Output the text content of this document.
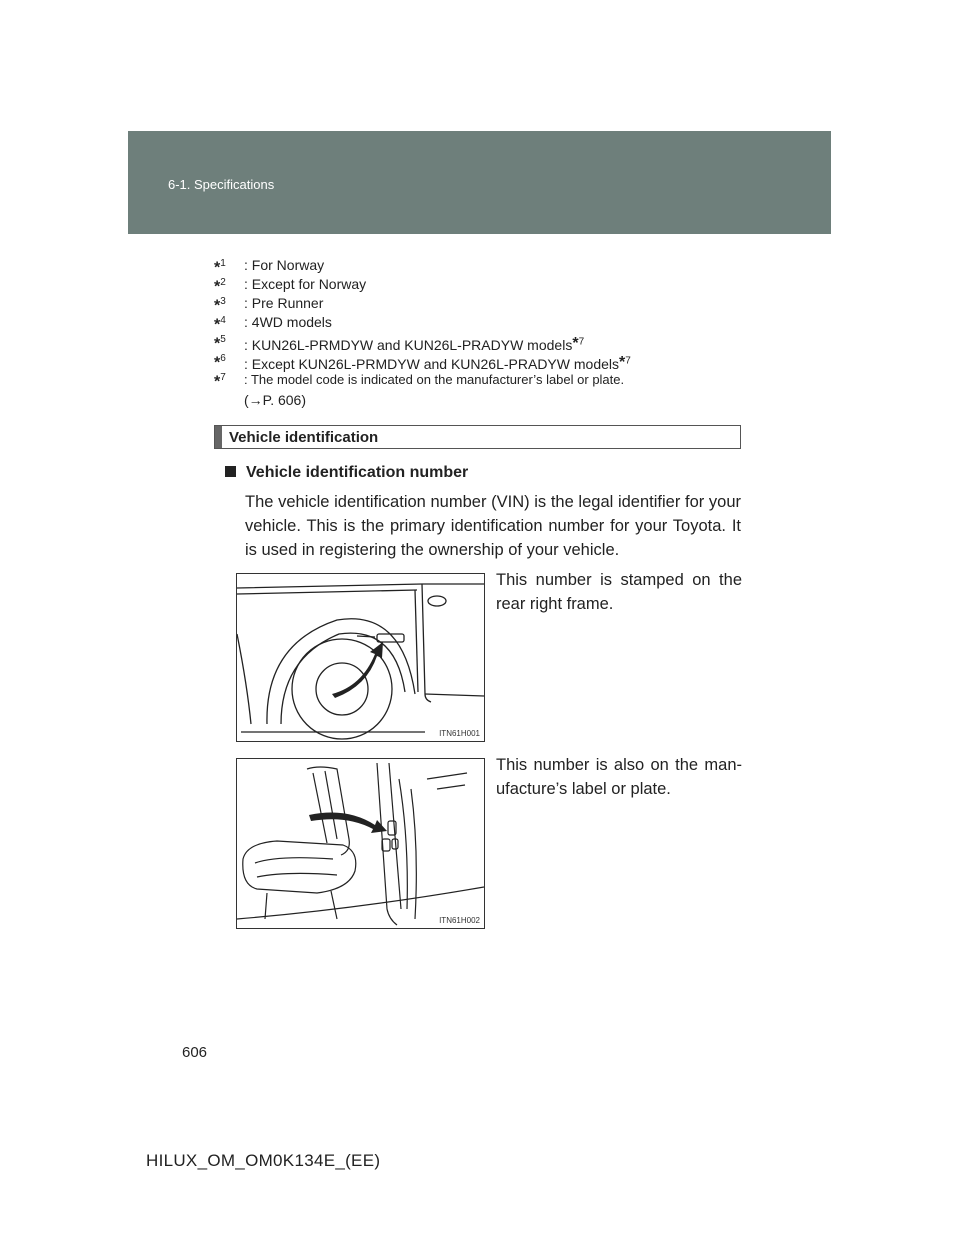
6-1. Specifications
*$^1$ : For Norway
*$^2$ : Except for Norway
*$^3$ : Pre Runner
*$^4$ : 4WD models
*$^5$ : KUN26L-PRMDYW and KUN26L-PRADYW models*$^7$
*$^6$ : Except KUN26L-PRMDYW and KUN26L-PRADYW models*$^7$
*$^7$ : The model code is indicated on the manufacturer’s label or plate.
(→P. 606)
Vehicle identification
Vehicle identification number
The vehicle identification number (VIN) is the legal identifier for your vehicle. This is the primary identification number for your Toyota. It is used in registering the ownership of your vehicle.
ITN61H001
This number is stamped on the rear right frame.
ITN61H002
This number is also on the man-ufacture’s label or plate.
606
HILUX_OM_OM0K134E_(EE)
